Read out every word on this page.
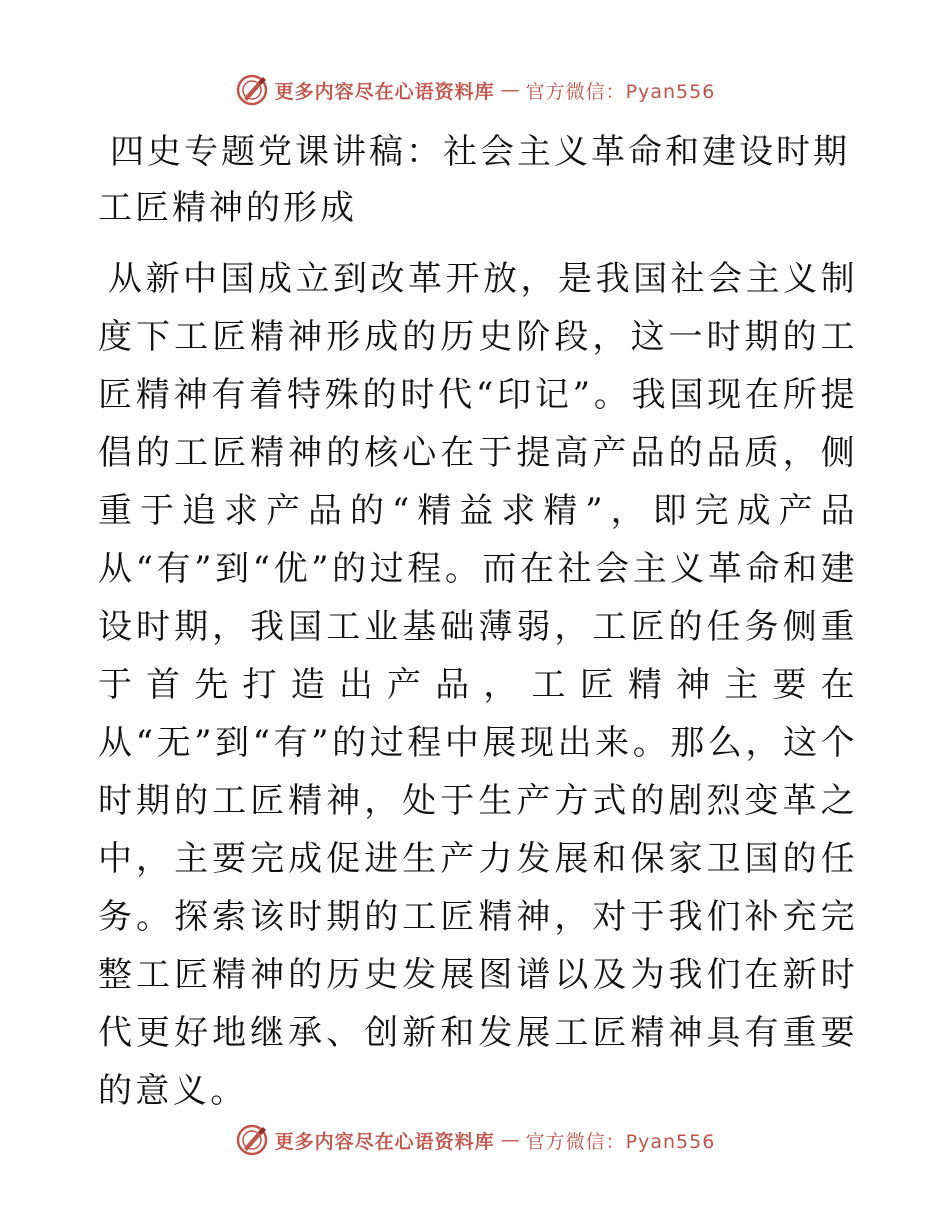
更多内容尽在心语资料库 — 官方微信：Pyan556
四史专题党课讲稿：社会主义革命和建设时期工匠精神的形成

从新中国成立到改革开放，是我国社会主义制度下工匠精神形成的历史阶段，这一时期的工匠精神有着特殊的时代“印记”。我国现在所提倡的工匠精神的核心在于提高产品的品质，侧重于追求产品的“精益求精”，即完成产品从“有”到“优”的过程。而在社会主义革命和建设时期，我国工业基础薄弱，工匠的任务侧重于首先打造出产品，工匠精神主要在从“无”到“有”的过程中展现出来。那么，这个时期的工匠精神，处于生产方式的剧烈变革之中，主要完成促进生产力发展和保家卫国的任务。探索该时期的工匠精神，对于我们补充完整工匠精神的历史发展图谱以及为我们在新时代更好地继承、创新和发展工匠精神具有重要的意义。

更多内容尽在心语资料库 — 官方微信：Pyan556
